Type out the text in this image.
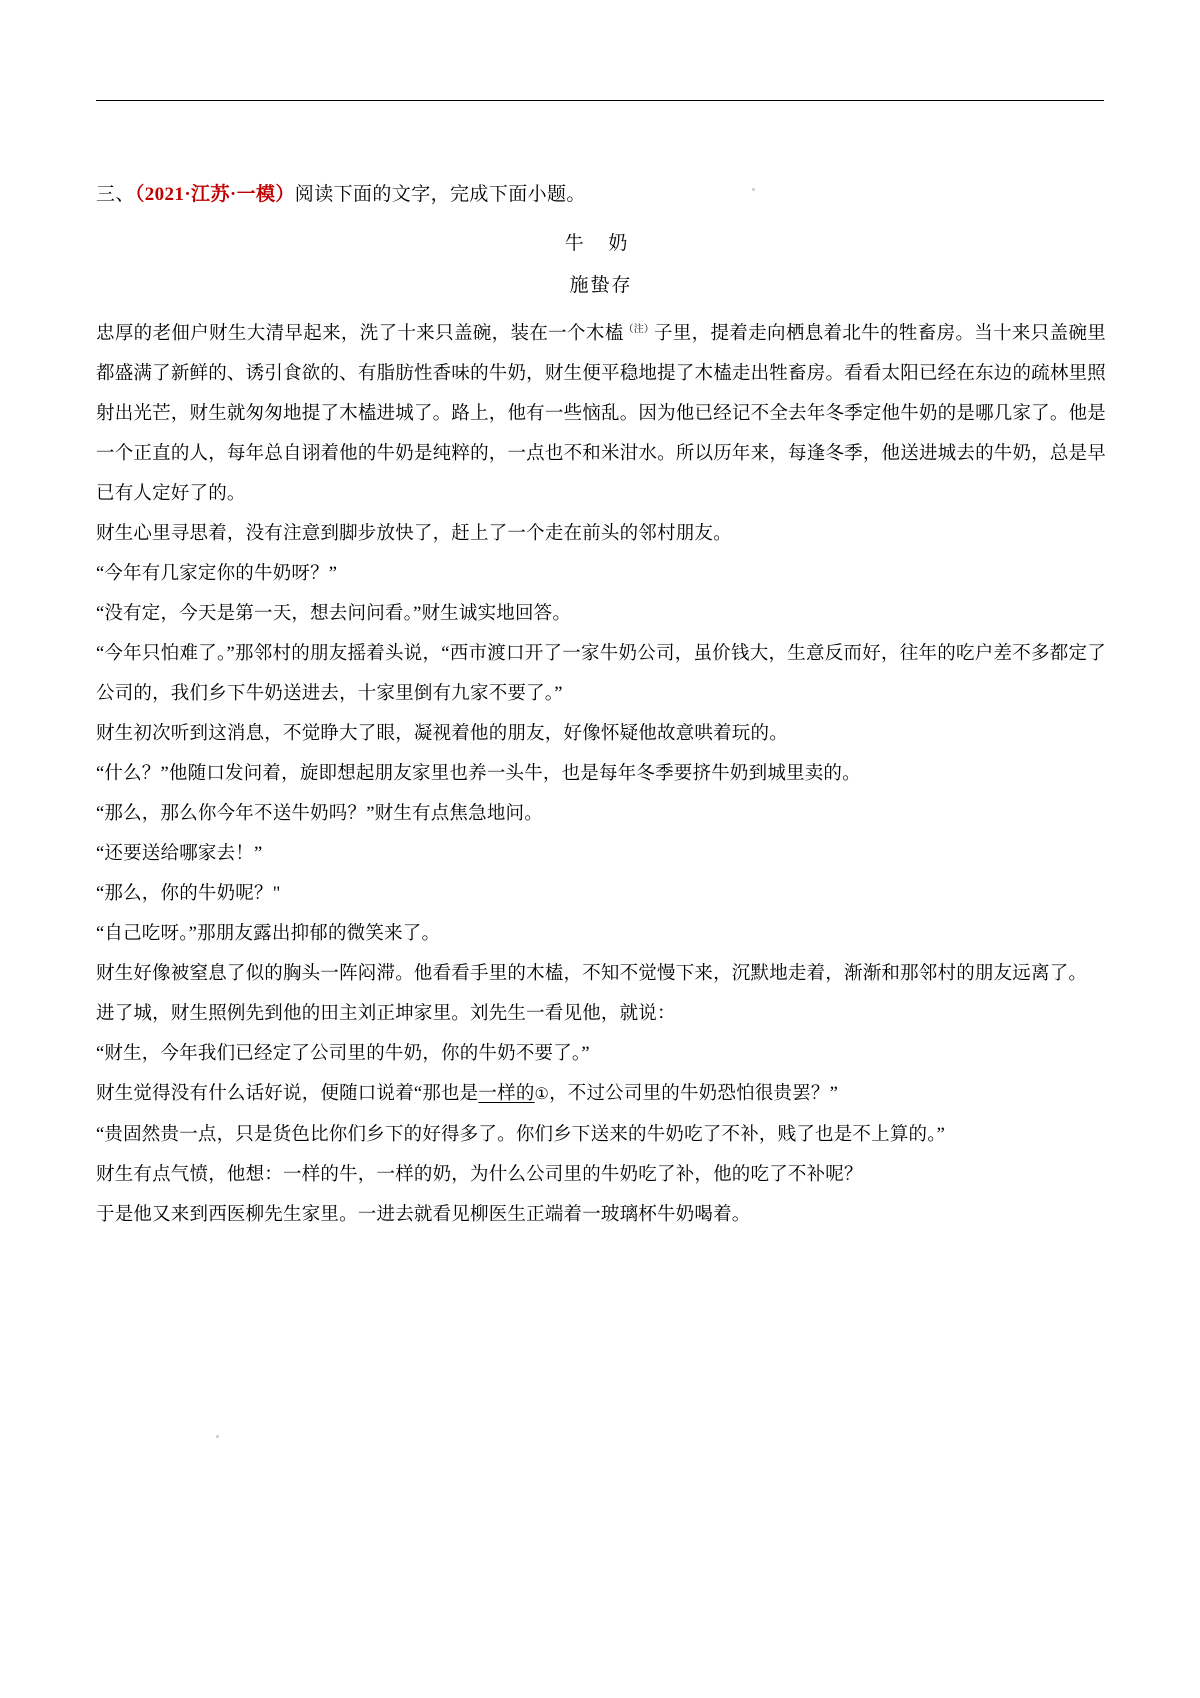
三、（2021·江苏·一模）阅读下面的文字，完成下面小题。
牛 奶
施蛰存

忠厚的老佃户财生大清早起来，洗了十来只盖碗，装在一个木榼$^{(注)}$子里，提着走向栖息着北牛的牲畜房。当十来只盖碗里都盛满了新鲜的、诱引食欲的、有脂肪性香味的牛奶，财生便平稳地提了木榼走出牲畜房。看看太阳已经在东边的疏林里照射出光芒，财生就匆匆地提了木榼进城了。路上，他有一些恼乱。因为他已经记不全去年冬季定他牛奶的是哪几家了。他是一个正直的人，每年总自诩着他的牛奶是纯粹的，一点也不和米泔水。所以历年来，每逢冬季，他送进城去的牛奶，总是早已有人定好了的。

财生心里寻思着，没有注意到脚步放快了，赶上了一个走在前头的邻村朋友。

“今年有几家定你的牛奶呀？”

“没有定，今天是第一天，想去问问看。”财生诚实地回答。

“今年只怕难了。”那邻村的朋友摇着头说，“西市渡口开了一家牛奶公司，虽价钱大，生意反而好，往年的吃户差不多都定了公司的，我们乡下牛奶送进去，十家里倒有九家不要了。”

财生初次听到这消息，不觉睁大了眼，凝视着他的朋友，好像怀疑他故意哄着玩的。

“什么？”他随口发问着，旋即想起朋友家里也养一头牛，也是每年冬季要挤牛奶到城里卖的。

“那么，那么你今年不送牛奶吗？”财生有点焦急地问。

“还要送给哪家去！”

“那么，你的牛奶呢？"

“自己吃呀。”那朋友露出抑郁的微笑来了。

财生好像被窒息了似的胸头一阵闷滞。他看看手里的木榼，不知不觉慢下来，沉默地走着，渐渐和那邻村的朋友远离了。

进了城，财生照例先到他的田主刘正坤家里。刘先生一看见他，就说：

“财生，今年我们已经定了公司里的牛奶，你的牛奶不要了。”

财生觉得没有什么话好说，便随口说着“那也是一样的①，不过公司里的牛奶恐怕很贵罢？”

“贵固然贵一点，只是货色比你们乡下的好得多了。你们乡下送来的牛奶吃了不补，贱了也是不上算的。”

财生有点气愤，他想：一样的牛，一样的奶，为什么公司里的牛奶吃了补，他的吃了不补呢？

于是他又来到西医柳先生家里。一进去就看见柳医生正端着一玻璃杯牛奶喝着。
